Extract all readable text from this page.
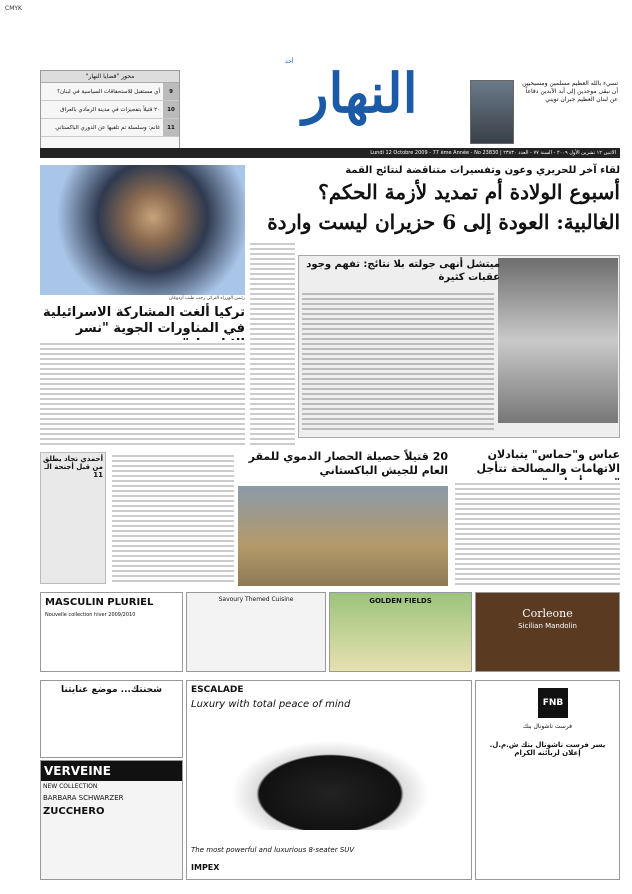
CMYK
محور "قضايا النهار"
9
أي مستقبل للاستحقاقات السياسية في لبنان؟
10
٢٠ قتيلاً بتفجيرات في مدينة الرمادي بالعراق
11
غانم: وسلسلة تم تلقيها عن الدوري الباكستاني
النهار
أحد
تسيء بالله العظيم مسلمين ومسيحيين أن نبقى موحدين إلى أبد الآبدين دفاعاً عن لبنان العظيم جبران تويني
الاثنين ١٢ تشرين الأول ٢٠٠٩ - السنة ٧٧ - العدد ٢٣٨٣٠ | Lundi 12 Octobre 2009 - 77 ème Année - No 23830
لقاء آخر للحريري وعون وتفسيرات متناقضة لنتائج القمة
أسبوع الولادة أم تمديد لأزمة الحكم؟
الغالبية: العودة إلى 6 حزيران ليست واردة
رئيس الوزراء التركي رجب طيب أردوغان
تركيا ألغت المشاركة الاسرائيلية في المناورات الجوية "نسر
ميتشل أنهى جولته بلا نتائج: تفهم وجود عقبات كثيرة
عباس و"حماس" يتبادلان الاتهامات والمصالحة تتأجل
20 قتيلاً حصيلة الحصار الدموي للمقر العام للجيش الباكستاني
أحمدي نجاد يطلق من قبل أجنحة الـ 11
MASCULIN PLURIEL
Nouvelle collection hiver 2009/2010
Savoury Themed Cuisine	GOLDEN FIELDS
Corleone
Sicilian Mandolin
شحنتك... موضع عنايتنا
VERVEINE
NEW COLLECTION
BARBARA SCHWARZER
ZUCCHERO
ESCALADE
Luxury with total peace of mind
The most powerful and luxurious 8-seater SUV
IMPEX
فرست ناشونال بنك
يسر فرست ناشونال بنك ش.م.ل. إعلان لزبائنه الكرام
FNB
